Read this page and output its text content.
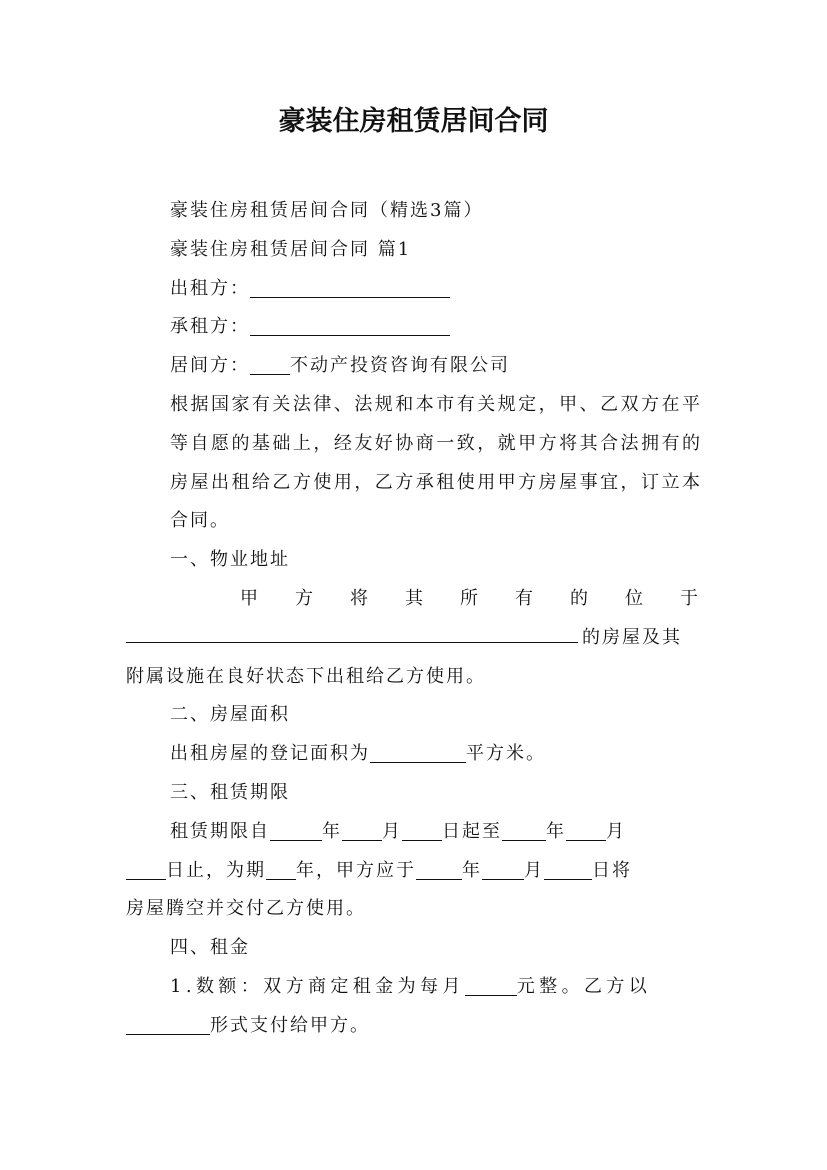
豪装住房租赁居间合同

豪装住房租赁居间合同（精选3篇）

豪装住房租赁居间合同 篇1

出租方：

承租方：

居间方： 不动产投资咨询有限公司

根据国家有关法律、法规和本市有关规定，甲、乙双方在平等自愿的基础上，经友好协商一致，就甲方将其合法拥有的房屋出租给乙方使用，乙方承租使用甲方房屋事宜，订立本合同。

一、物业地址

甲 方 将 其 所 有 的 位 于
的房屋及其

附属设施在良好状态下出租给乙方使用。

二、房屋面积

出租房屋的登记面积为	平方米。

三、租赁期限

租赁期限自	年 月 日起至 年 月

日止，为期 年，甲方应于	年 月	日将

房屋腾空并交付乙方使用。

四、租金

1.数额：双方商定租金为每月	元整。乙方以

形式支付给甲方。
